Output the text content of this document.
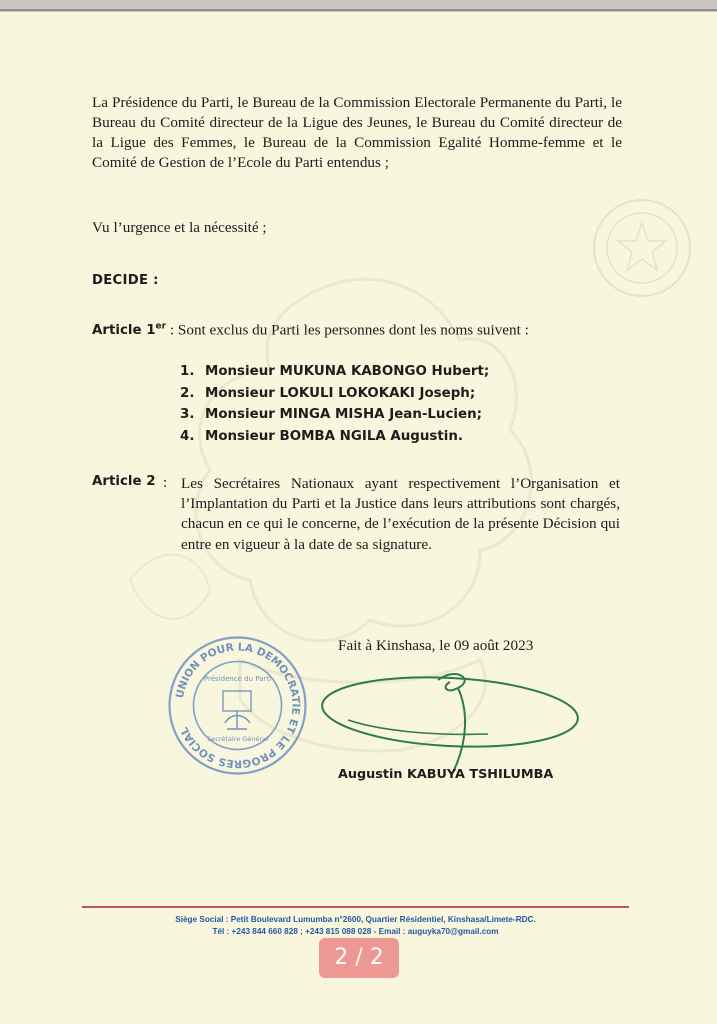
La Présidence du Parti, le Bureau de la Commission Electorale Permanente du Parti, le Bureau du Comité directeur de la Ligue des Jeunes, le Bureau du Comité directeur de la Ligue des Femmes, le Bureau de la Commission Egalité Homme-femme et le Comité de Gestion de l’Ecole du Parti entendus ;
Vu l’urgence et la nécessité ;
DECIDE :
Article 1er : Sont exclus du Parti les personnes dont les noms suivent :
1. Monsieur MUKUNA KABONGO Hubert;
2. Monsieur LOKULI LOKOKAKI Joseph;
3. Monsieur MINGA MISHA Jean-Lucien;
4. Monsieur BOMBA NGILA Augustin.
Article 2 : Les Secrétaires Nationaux ayant respectivement l’Organisation et l’Implantation du Parti et la Justice dans leurs attributions sont chargés, chacun en ce qui le concerne, de l’exécution de la présente Décision qui entre en vigueur à la date de sa signature.
Fait à Kinshasa, le 09 août 2023
UNION POUR LA DEMOCRATIE ET LE PROGRES SOCIAL
Présidence du Parti
Secrétaire Général
Augustin KABUYA TSHILUMBA
Siège Social : Petit Boulevard Lumumba n°2600, Quartier Résidentiel, Kinshasa/Limete-RDC.
Tél : +243 844 660 828 ; +243 815 088 028 - Email : auguyka70@gmail.com
2 / 2
